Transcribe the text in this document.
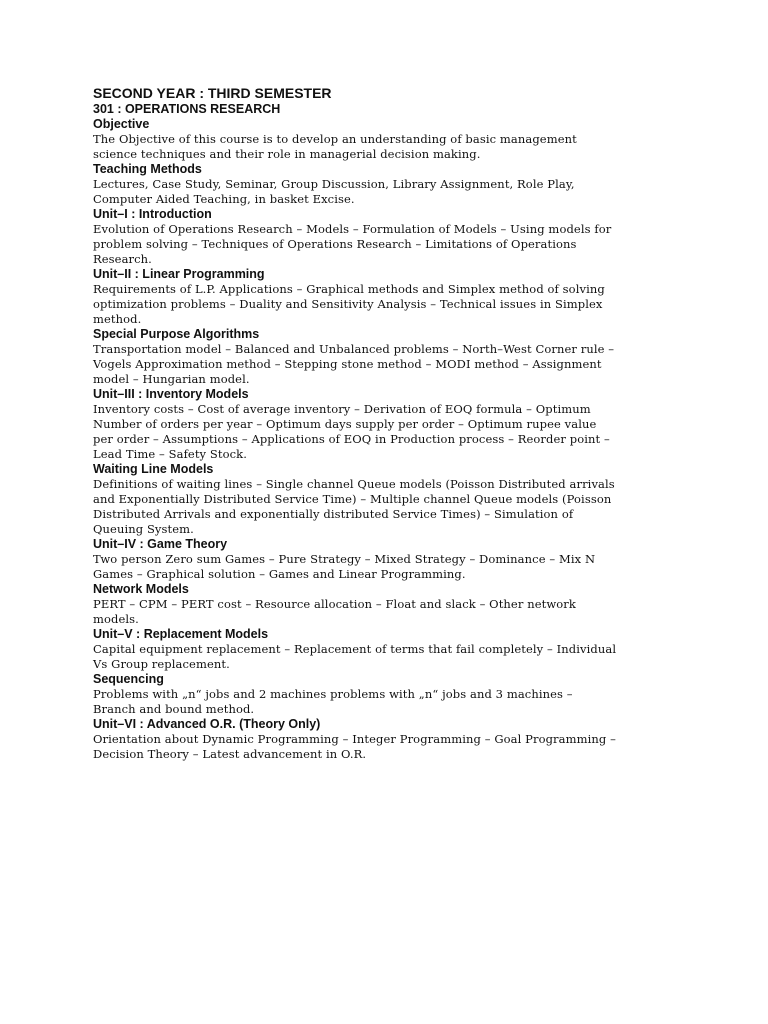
SECOND YEAR : THIRD SEMESTER
301 : OPERATIONS RESEARCH
Objective

The Objective of this course is to develop an understanding of basic management
science techniques and their role in managerial decision making.

Teaching Methods

Lectures, Case Study, Seminar, Group Discussion, Library Assignment, Role Play,
Computer Aided Teaching, in basket Excise.

Unit–I : Introduction

Evolution of Operations Research – Models – Formulation of Models – Using models for
problem solving – Techniques of Operations Research – Limitations of Operations
Research.

Unit–II : Linear Programming

Requirements of L.P. Applications – Graphical methods and Simplex method of solving
optimization problems – Duality and Sensitivity Analysis – Technical issues in Simplex
method.

Special Purpose Algorithms

Transportation model – Balanced and Unbalanced problems – North–West Corner rule –
Vogels Approximation method – Stepping stone method – MODI method – Assignment
model – Hungarian model.

Unit–III : Inventory Models

Inventory costs – Cost of average inventory – Derivation of EOQ formula – Optimum
Number of orders per year – Optimum days supply per order – Optimum rupee value
per order – Assumptions – Applications of EOQ in Production process – Reorder point –
Lead Time – Safety Stock.

Waiting Line Models

Definitions of waiting lines – Single channel Queue models (Poisson Distributed arrivals
and Exponentially Distributed Service Time) – Multiple channel Queue models (Poisson
Distributed Arrivals and exponentially distributed Service Times) – Simulation of
Queuing System.

Unit–IV : Game Theory

Two person Zero sum Games – Pure Strategy – Mixed Strategy – Dominance – Mix N
Games – Graphical solution – Games and Linear Programming.

Network Models

PERT – CPM – PERT cost – Resource allocation – Float and slack – Other network
models.

Unit–V : Replacement Models

Capital equipment replacement – Replacement of terms that fail completely – Individual
Vs Group replacement.

Sequencing

Problems with „n“ jobs and 2 machines problems with „n“ jobs and 3 machines –
Branch and bound method.

Unit–VI : Advanced O.R. (Theory Only)

Orientation about Dynamic Programming – Integer Programming – Goal Programming –
Decision Theory – Latest advancement in O.R.
